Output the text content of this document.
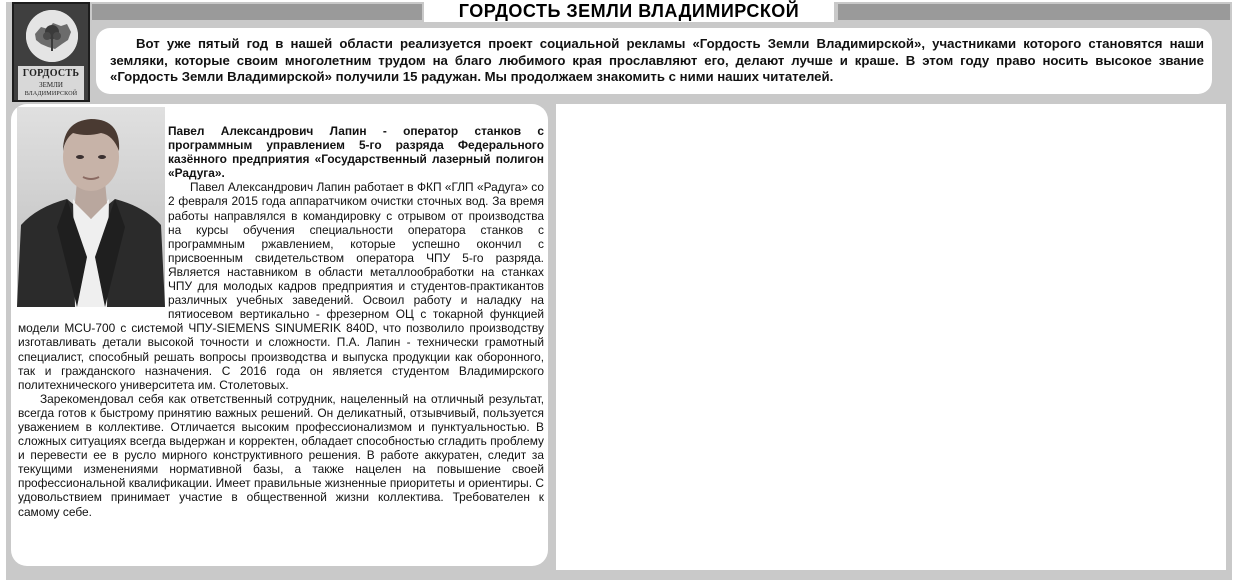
ГОРДОСТЬ ЗЕМЛИ ВЛАДИМИРСКОЙ
ГОРДОСТЬ
ЗЕМЛИ
ВЛАДИМИРСКОЙ

Вот уже пятый год в нашей области реализуется проект социальной рекламы «Гордость Земли Владимирской», участниками которого становятся наши земляки, которые своим многолетним трудом на благо любимого края прославляют его, делают лучше и краше. В этом году право носить высокое звание «Гордость Земли Владимирской» получили 15 радужан. Мы продолжаем знакомить с ними наших читателей.

Павел Александрович Лапин - оператор станков с программным управлением 5-го разряда Федерального казённого предприятия «Государственный лазерный полигон «Радуга».

Павел Александрович Лапин работает в ФКП «ГЛП «Радуга» со 2 февраля 2015 года аппаратчиком очистки сточных вод. За время работы направлялся в командировку с отрывом от производства на курсы обучения специальности оператора станков с программным ржавлением, которые успешно окончил с присвоенным свидетельством оператора ЧПУ 5-го разряда. Является наставником в области металлообработки на станках ЧПУ для молодых кадров предприятия и студентов-практикантов различных учебных заведений. Освоил работу и наладку на пятиосевом вертикально - фрезерном ОЦ с токарной функцией модели MCU-700 с системой ЧПУ-SIEMENS SINUMERIK 840D, что позволило производству изготавливать детали высокой точности и сложности. П.А. Лапин - технически грамотный специалист, способный решать вопросы производства и выпуска продукции как оборонного, так и гражданского назначения. С 2016 года он является студентом Владимирского политехнического университета им. Столетовых.

Зарекомендовал себя как ответственный сотрудник, нацеленный на отличный результат, всегда готов к быстрому принятию важных решений. Он деликатный, отзывчивый, пользуется уважением в коллективе. Отличается высоким профессионализмом и пунктуальностью. В сложных ситуациях всегда выдержан и корректен, обладает способностью сгладить проблему и перевести ее в русло мирного конструктивного решения. В работе аккуратен, следит за текущими изменениями нормативной базы, а также нацелен на повышение своей профессиональной квалификации. Имеет правильные жизненные приоритеты и ориентиры. С удовольствием принимает участие в общественной жизни коллектива. Требователен к самому себе.
